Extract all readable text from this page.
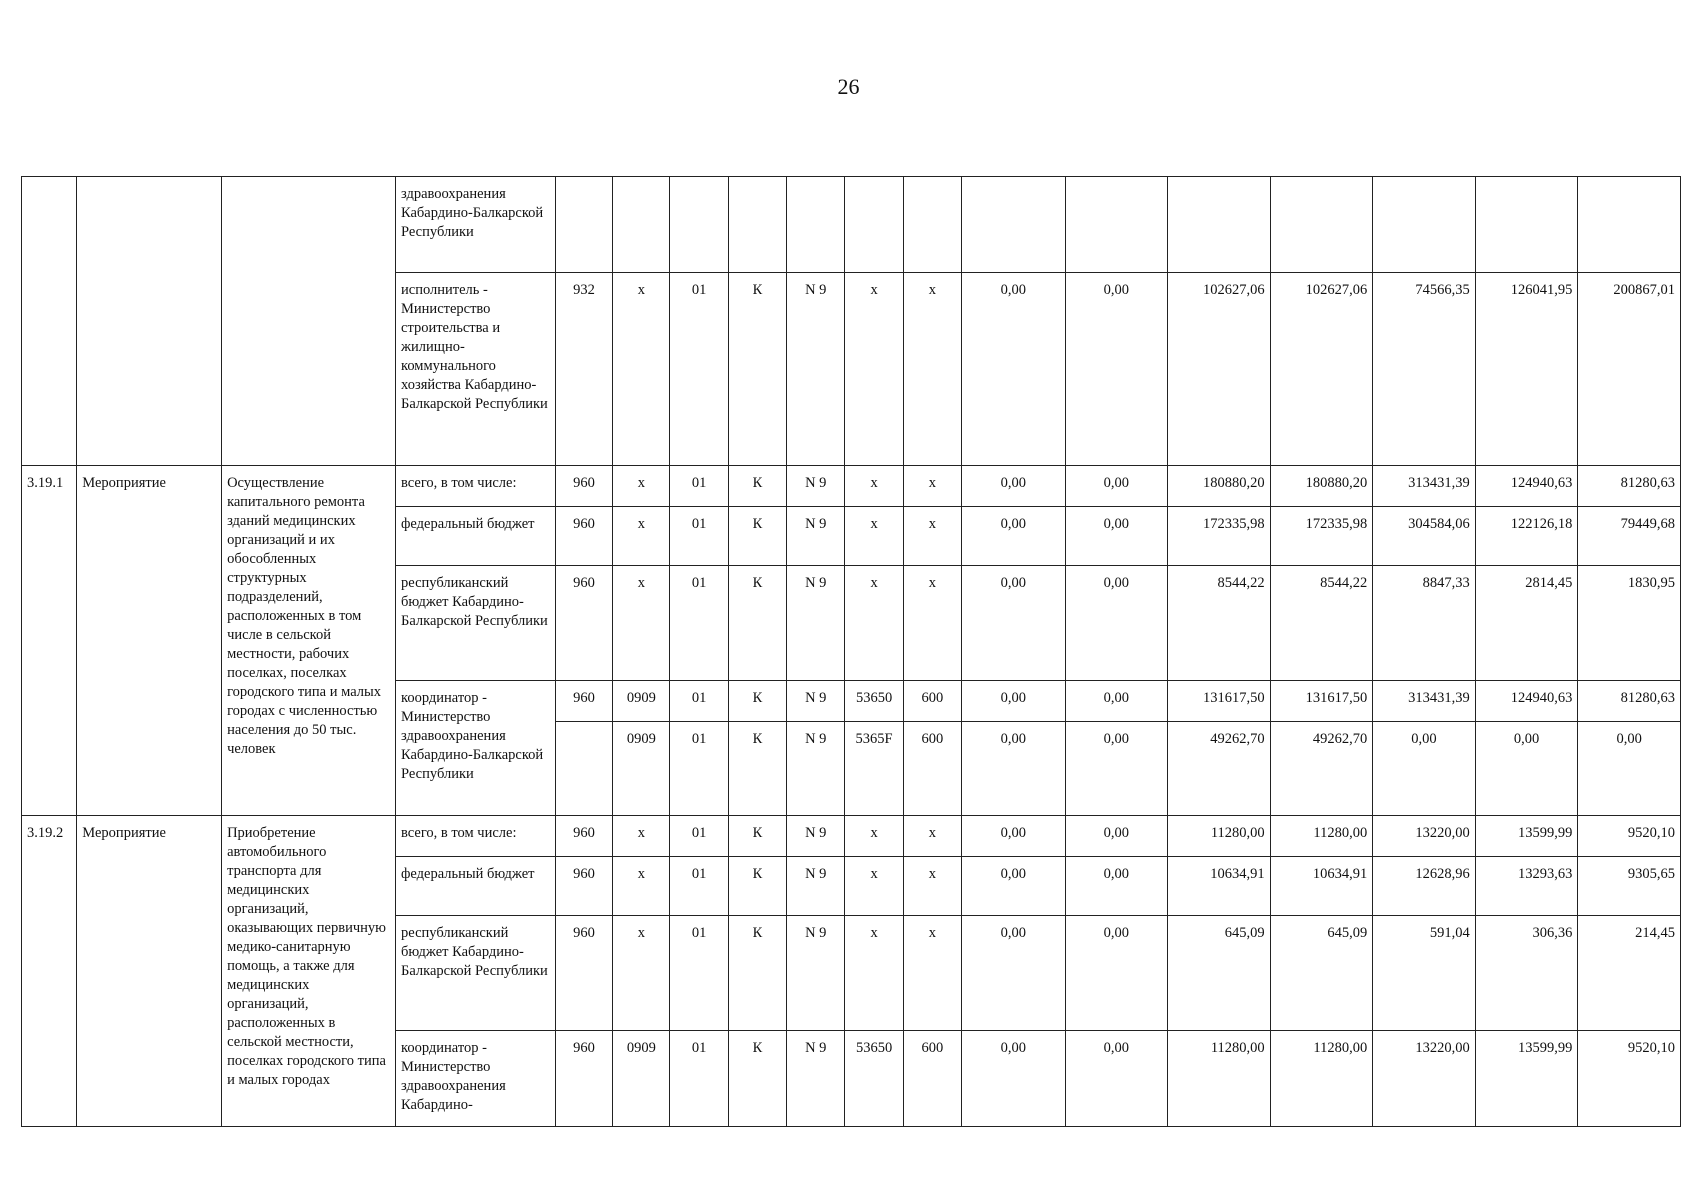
26
			здравоохранения Кабардино-Балкарской Республики														
			исполнитель - Министерство строительства и жилищно-коммунального хозяйства Кабардино-Балкарской Республики	932	x	01	К	N 9	x	x	0,00	0,00	102627,06	102627,06	74566,35	126041,95	200867,01
3.19.1	Мероприятие	Осуществление капитального ремонта зданий медицинских организаций и их обособленных структурных подразделений, расположенных в том числе в сельской местности, рабочих поселках, поселках городского типа и малых городах с численностью населения до 50 тыс. человек	всего, в том числе:	960	x	01	К	N 9	x	x	0,00	0,00	180880,20	180880,20	313431,39	124940,63	81280,63
			федеральный бюджет	960	x	01	К	N 9	x	x	0,00	0,00	172335,98	172335,98	304584,06	122126,18	79449,68
			республиканский бюджет Кабардино-Балкарской Республики	960	x	01	К	N 9	x	x	0,00	0,00	8544,22	8544,22	8847,33	2814,45	1830,95
			координатор - Министерство здравоохранения Кабардино-Балкарской Республики	960	0909	01	К	N 9	53650	600	0,00	0,00	131617,50	131617,50	313431,39	124940,63	81280,63
					0909	01	К	N 9	5365F	600	0,00	0,00	49262,70	49262,70	0,00	0,00	0,00
3.19.2	Мероприятие	Приобретение автомобильного транспорта для медицинских организаций, оказывающих первичную медико-санитарную помощь, а также для медицинских организаций, расположенных в сельской местности, поселках городского типа и малых городах	всего, в том числе:	960	x	01	К	N 9	x	x	0,00	0,00	11280,00	11280,00	13220,00	13599,99	9520,10
			федеральный бюджет	960	x	01	К	N 9	x	x	0,00	0,00	10634,91	10634,91	12628,96	13293,63	9305,65
			республиканский бюджет Кабардино-Балкарской Республики	960	x	01	К	N 9	x	x	0,00	0,00	645,09	645,09	591,04	306,36	214,45
			координатор - Министерство здравоохранения Кабардино-	960	0909	01	К	N 9	53650	600	0,00	0,00	11280,00	11280,00	13220,00	13599,99	9520,10
